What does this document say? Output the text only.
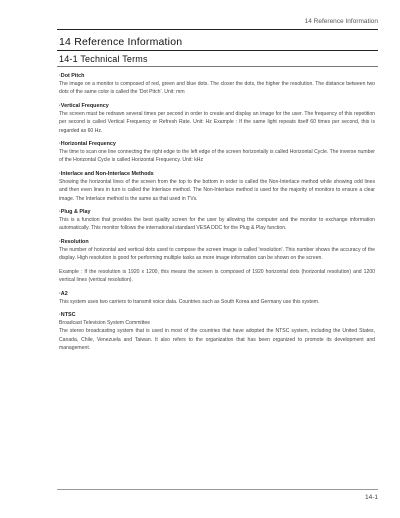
14 Reference Information
14 Reference Information
14-1 Technical Terms
·Dot Pitch
The image on a monitor is composed of red, green and blue dots. The closer the dots, the higher the resolution. The distance between two dots of the same color is called the 'Dot Pitch'. Unit: mm
·Vertical Frequency
The screen must be redrawn several times per second in order to create and display an image for the user. The frequency of this repetition per second is called Vertical Frequency or Refresh Rate. Unit: Hz Example : If the same light repeats itself 60 times per second, this is regarded as 60 Hz.
·Horizontal Frequency
The time to scan one line connecting the right edge to the left edge of the screen horizontally is called Horizontal Cycle. The inverse number of the Horizontal Cycle is called Horizontal Frequency. Unit: kHz
·Interlace and Non-Interlace Methods
Showing the horizontal lines of the screen from the top to the bottom in order is called the Non-Interlace method while showing odd lines and then even lines in turn is called the Interlace method. The Non-Interlace method is used for the majority of monitors to ensure a clear image. The Interlace method is the same as that used in TVs.
·Plug & Play
This is a function that provides the best quality screen for the user by allowing the computer and the monitor to exchange information automatically. This monitor follows the international standard VESA DDC for the Plug & Play function.
·Resolution
The number of horizontal and vertical dots used to compose the screen image is called 'resolution'. This number shows the accuracy of the display. High resolution is good for performing multiple tasks as more image information can be shown on the screen.
Example : If the resolution is 1920 x 1200, this means the screen is composed of 1920 horizontal dots (horizontal resolution) and 1200 vertical lines (vertical resolution).
·A2
This system uses two carriers to transmit voice data. Countries such as South Korea and Germany use this system.
·NTSC
Broadcast Television System Committee
The stereo broadcasting system that is used in most of the countries that have adopted the NTSC system, including the United States, Canada, Chile, Venezuela and Taiwan. It also refers to the organization that has been organized to promote its development and management.
14-1
